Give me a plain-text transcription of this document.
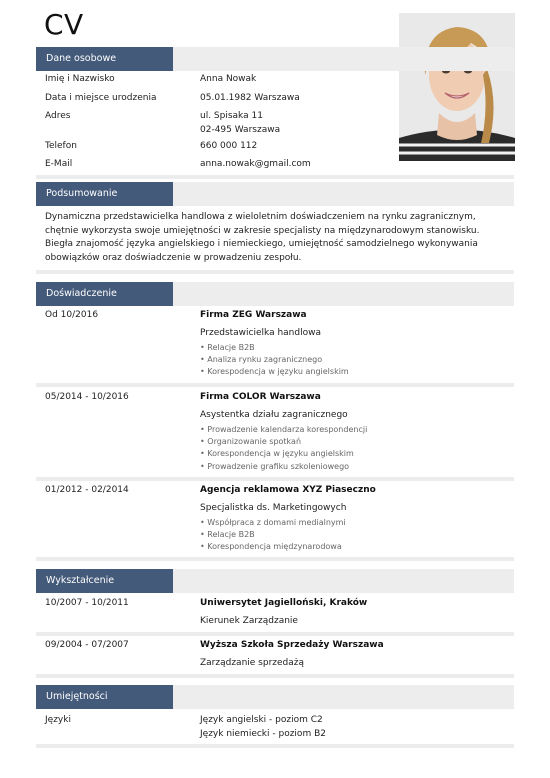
CV
Dane osobowe
Imię i Nazwisko	Anna Nowak
Data i miejsce urodzenia	05.01.1982 Warszawa
Adres	ul. Spisaka 11
02-495 Warszawa
Telefon	660 000 112
E-Mail	anna.nowak@gmail.com
Podsumowanie
Dynamiczna przedstawicielka handlowa z wieloletnim doświadczeniem na rynku zagranicznym, chętnie wykorzysta swoje umiejętności w zakresie specjalisty na międzynarodowym stanowisku. Biegła znajomość języka angielskiego i niemieckiego, umiejętność samodzielnego wykonywania obowiązków oraz doświadczenie w prowadzeniu zespołu.
Doświadczenie
Od 10/2016	Firma ZEG Warszawa
Przedstawicielka handlowa
• Relacje B2B
• Analiza rynku zagranicznego
• Korespodencja w języku angielskim
05/2014 - 10/2016	Firma COLOR Warszawa
Asystentka działu zagranicznego
• Prowadzenie kalendarza korespondencji
• Organizowanie spotkań
• Korespondencja w języku angielskim
• Prowadzenie grafiku szkoleniowego
01/2012 - 02/2014	Agencja reklamowa XYZ Piaseczno
Specjalistka ds. Marketingowych
• Współpraca z domami medialnymi
• Relacje B2B
• Korespondencja międzynarodowa
Wykształcenie
10/2007 - 10/2011	Uniwersytet Jagielloński, Kraków
Kierunek Zarządzanie
09/2004 - 07/2007	Wyższa Szkoła Sprzedaży Warszawa
Zarządzanie sprzedażą
Umiejętności
Języki	Język angielski - poziom C2
Język niemiecki - poziom B2
